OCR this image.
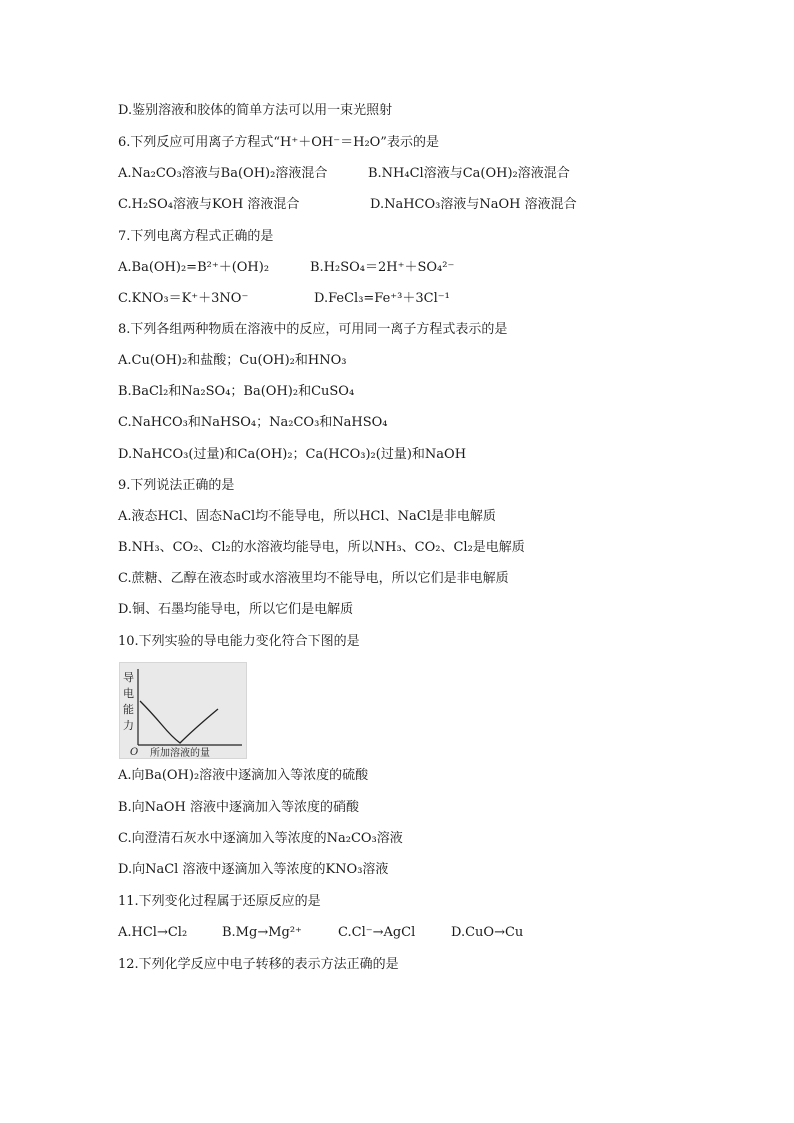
D.鉴别溶液和胶体的简单方法可以用一束光照射
6.下列反应可用离子方程式“H⁺＋OH⁻＝H₂O”表示的是
A.Na₂CO₃溶液与Ba(OH)₂溶液混合	B.NH₄Cl溶液与Ca(OH)₂溶液混合
C.H₂SO₄溶液与KOH 溶液混合	D.NaHCO₃溶液与NaOH 溶液混合
7.下列电离方程式正确的是
A.Ba(OH)₂=B²⁺＋(OH)₂	B.H₂SO₄＝2H⁺＋SO₄²⁻
C.KNO₃＝K⁺＋3NO⁻	D.FeCl₃=Fe⁺³＋3Cl⁻¹
8.下列各组两种物质在溶液中的反应，可用同一离子方程式表示的是
A.Cu(OH)₂和盐酸；Cu(OH)₂和HNO₃
B.BaCl₂和Na₂SO₄；Ba(OH)₂和CuSO₄
C.NaHCO₃和NaHSO₄；Na₂CO₃和NaHSO₄
D.NaHCO₃(过量)和Ca(OH)₂；Ca(HCO₃)₂(过量)和NaOH
9.下列说法正确的是
A.液态HCl、固态NaCl均不能导电，所以HCl、NaCl是非电解质
B.NH₃、CO₂、Cl₂的水溶液均能导电，所以NH₃、CO₂、Cl₂是电解质
C.蔗糖、乙醇在液态时或水溶液里均不能导电，所以它们是非电解质
D.铜、石墨均能导电，所以它们是电解质
10.下列实验的导电能力变化符合下图的是
导
电
能
力
O 所加溶液的量
A.向Ba(OH)₂溶液中逐滴加入等浓度的硫酸
B.向NaOH 溶液中逐滴加入等浓度的硝酸
C.向澄清石灰水中逐滴加入等浓度的Na₂CO₃溶液
D.向NaCl 溶液中逐滴加入等浓度的KNO₃溶液
11.下列变化过程属于还原反应的是
A.HCl→Cl₂	B.Mg→Mg²⁺	C.Cl⁻→AgCl	D.CuO→Cu
12.下列化学反应中电子转移的表示方法正确的是
